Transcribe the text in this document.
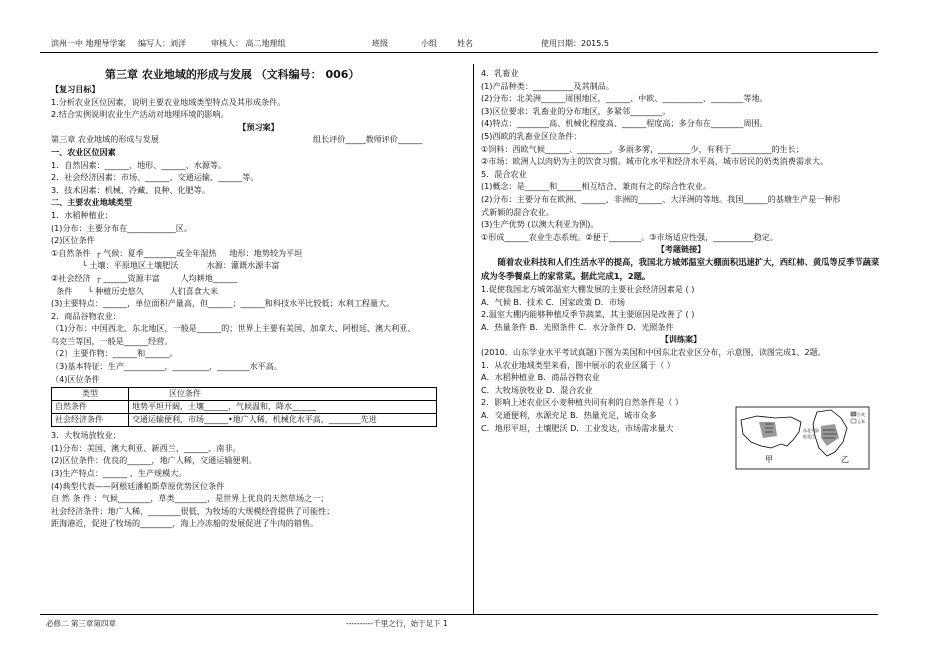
滨州一中 地理导学案 编写人：刘洋	审核人： 高二地理组	班级	小组	姓名	使用日期：2015.5
第三章 农业地域的形成与发展 （文科编号： 006）
【复习目标】
1.分析农业区位因素，说明主要农业地域类型特点及其形成条件。
2.结合实例说明农业生产活动对地理环境的影响。
【预习案】
第三章 农业地域的形成与发展	组长评价_____教师评价______
一、农业区位因素
1．自然因素：______、地形、______、水源等。
2．社会经济因素：市场、______、交通运输、______等。
3．技术因素：机械、冷藏、良种、化肥等。
二、主要农业地域类型
1．水稻种植业：
(1)分布：主要分布在____________区。
(2)区位条件
①自然条件  ┌ 气候：夏季________或全年湿热     地形：地势较为平坦
└ 土壤：平原地区土壤肥沃           水源：灌溉水源丰富
②社会经济  ┌ ______资源丰富        人均耕地______
条件      └ 种植历史悠久          人们喜食大米
(3)主要特点：______，单位面积产量高，但______；______和科技水平比较低；水利工程量大。
2．商品谷物农业：
（1)分布：中国西北、东北地区，一般是______的；世界上主要有美国、加拿大、阿根廷、澳大利亚、
乌克兰等国，一般是______经营。
（2）主要作物：______和______。
（3)基本特征：生产__________，_________，________水平高。
（4)区位条件
类型	区位条件
自然条件	地势平坦开阔，土壤______，气候温和，降水______
社会经济条件	交通运输便利，市场______•地广人稀，机械化水平高，________先进
3．大牧场放牧业：
(1)分布：美国、澳大利亚、新西兰、______、南非。
(2)区位条件：优良的______，地广人稀，交通运输便利。
(3)生产特点：______ 、生产规模大。
(4)典型代表——阿根廷潘帕斯草原优势区位条件
自 然 条 件 ：气候________，草类________，是世界上优良的天然草场之一；
社会经济条件：地广人稀，________很低，为牧场的大规模经营提供了可能性；
距海港近，促进了牧场的________，海上冷冻船的发展促进了牛肉的销售。
4．乳畜业
(1)产品种类：__________及其制品。
(2)分布：北美洲______周围地区，______、中欧、__________、________等地。
(3)区位要求：乳畜业的分布地区，多紧邻________。
(4)特点：________高、机械化程度高、______程度高；多分布在________周围。
(5)西欧的乳畜业区位条件：
①饲料：西欧气候______、________，多雨多雾，________少，有利于__________的生长；
②市场：欧洲人以肉奶为主的饮食习惯。城市化水平和经济水平高，城市居民的奶类消费需求大。
5．混合农业
(1)概念：是______和______相互结合、兼而有之的综合性农业。
(2)分布：主要分布在欧洲、______、非洲的______、大洋洲的等地。我国______的基塘生产是一种形
式新颖的混合农业。
(3)生产优势 (以澳大利亚为例)。
①形成______农业生态系统。②便于________。③市场适应性强，__________稳定。
【考题链接】
随着农业科技和人们生活水平的提高，我国北方城郊温室大棚面积迅速扩大，西红柿、黄瓜等反季节蔬菜成为冬季餐桌上的家常菜。据此完成1，2题。
1.促使我国北方城郊温室大棚发展的主要社会经济因素是 ( )
A．气候 B．技术 C．国家政策 D．市场
2.温室大棚内能够种植反季节蔬菜，其主要原因是改善了 ( )
A．热量条件 B．光照条件 C．水分条件 D．光照条件
【训练案】
(2010．山东学业水平考试真题)下图为美国和中国东北农业区分布，示意图，读图完成1、2题。
1．从农业地域类型来看，图中展示的农业区属于（ ）
A．水稻种植业 B．商品谷物农业
C．大牧场放牧业 D．混合农业
2．影响上述农业区小麦种植共同有利的自然条件是（ ）
A．交通便利，水源充足 B．热量充足，城市众多
C．地形平坦，土壤肥沃 D．工业发达，市场需求量大
甲
东北平原
松花江
乙
小麦
玉米
必修二 第三章第四章	----------千里之行，始于足下 1
